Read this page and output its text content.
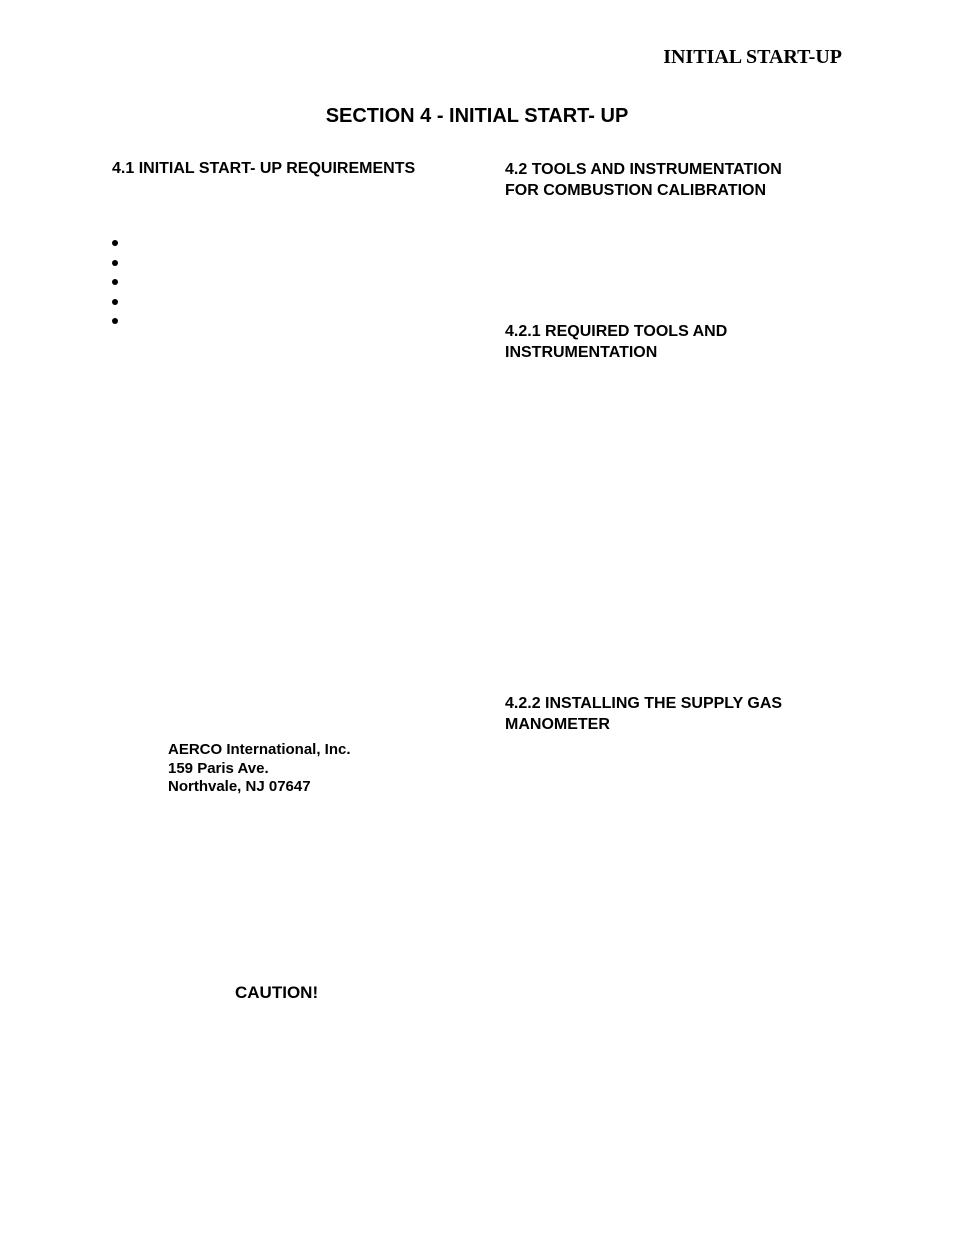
INITIAL START-UP
SECTION 4 - INITIAL START- UP
4.1 INITIAL START- UP REQUIREMENTS	4.2 TOOLS AND INSTRUMENTATION
FOR COMBUSTION CALIBRATION
4.2.1 REQUIRED TOOLS AND
INSTRUMENTATION
4.2.2 INSTALLING THE SUPPLY GAS
MANOMETER
AERCO International, Inc.
159 Paris Ave.
Northvale, NJ 07647
CAUTION!
